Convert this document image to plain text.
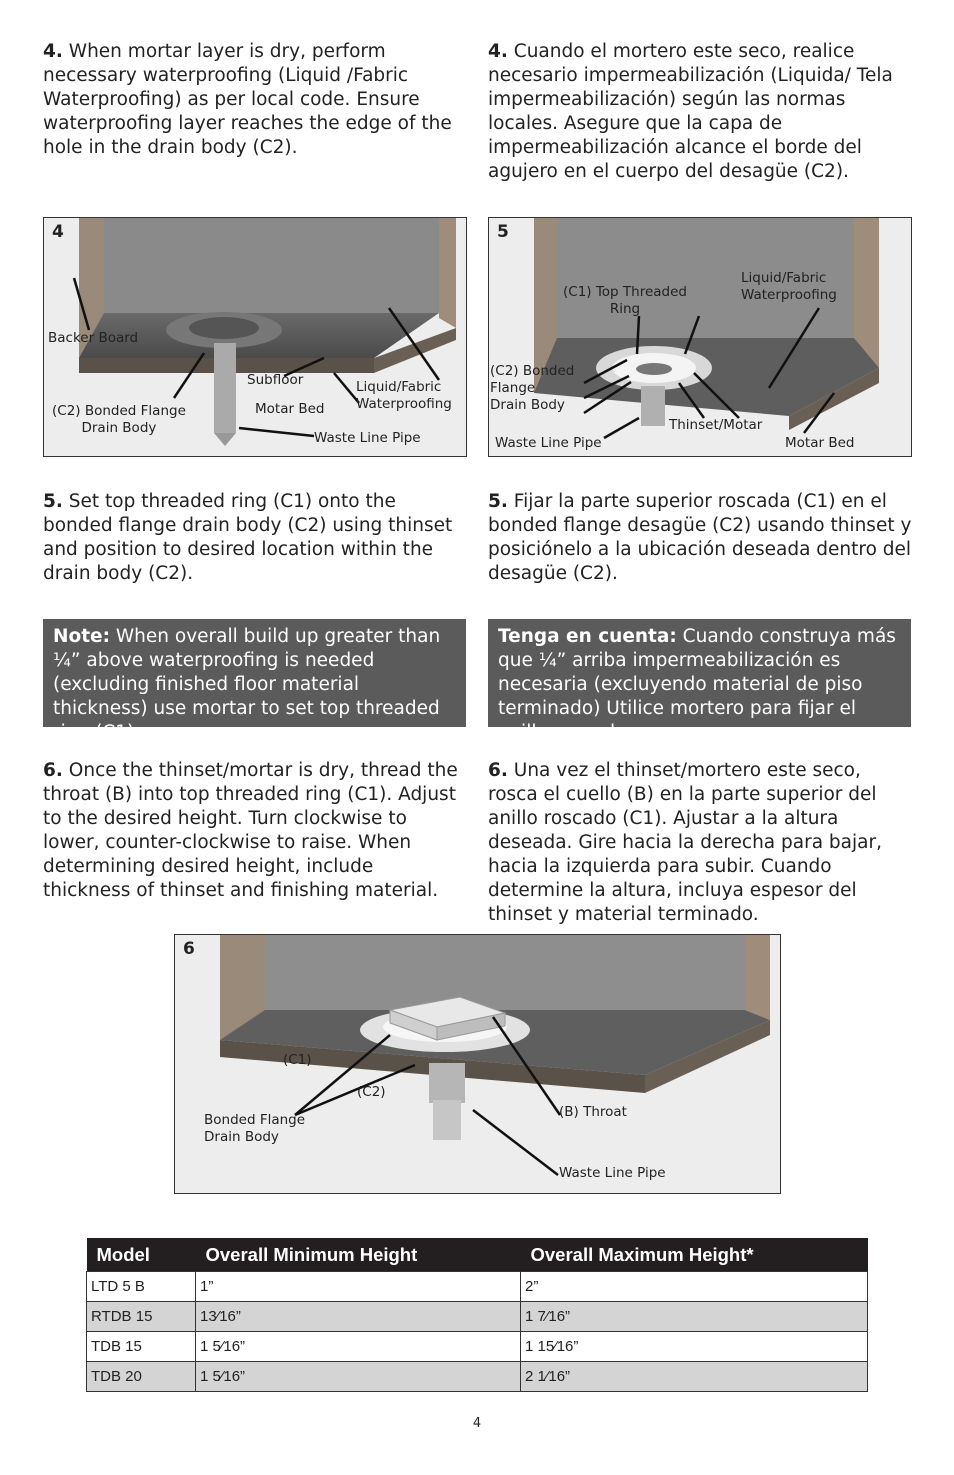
4. When mortar layer is dry, perform necessary waterproofing (Liquid /Fabric Waterproofing) as per local code. Ensure waterproofing layer reaches the edge of the hole in the drain body (C2).

4. Cuando el mortero este seco, realice necesario impermeabilización (Liquida/ Tela impermeabilización) según las normas locales. Asegure que la capa de impermeabilización alcance el borde del agujero en el cuerpo del desagüe (C2).

4
Backer Board
Subfloor
(C2) Bonded Flange
Drain Body
Motar Bed
Liquid/Fabric
Waterproofing
Waste Line Pipe
5
(C1) Top Threaded
Ring
Liquid/Fabric
Waterproofing
(C2) Bonded
Flange
Drain Body
Thinset/Motar
Waste Line Pipe	Motar Bed

5. Set top threaded ring (C1) onto the bonded flange drain body (C2) using thinset and position to desired location within the drain body (C2).

5. Fijar la parte superior roscada (C1) en el bonded flange desagüe (C2) usando thinset y posiciónelo a la ubicación deseada dentro del desagüe (C2).

Note: When overall build up greater than ¼” above waterproofing is needed (excluding finished floor material thickness) use mortar to set top threaded ring (C1).
Tenga en cuenta: Cuando construya más que ¼” arriba impermeabilización es necesaria (excluyendo material de piso terminado) Utilice mortero para fijar el anillo roscado.

6. Once the thinset/mortar is dry, thread the throat (B) into top threaded ring (C1). Adjust to the desired height. Turn clockwise to lower, counter-clockwise to raise. When determining desired height, include thickness of thinset and finishing material.

6. Una vez el thinset/mortero este seco, rosca el cuello (B) en la parte superior del anillo roscado (C1). Ajustar a la altura deseada. Gire hacia la derecha para bajar, hacia la izquierda para subir. Cuando determine la altura, incluya espesor del thinset y material terminado.

6
(C1)
(C2)
Bonded Flange
Drain Body
(B) Throat
Waste Line Pipe
Model	Overall Minimum Height	Overall Maximum Height*
LTD 5 B	1”	2”
RTDB 15	13⁄16”	1 7⁄16”
TDB 15	1 5⁄16”	1 15⁄16”
TDB 20	1 5⁄16”	2 1⁄16”
4
